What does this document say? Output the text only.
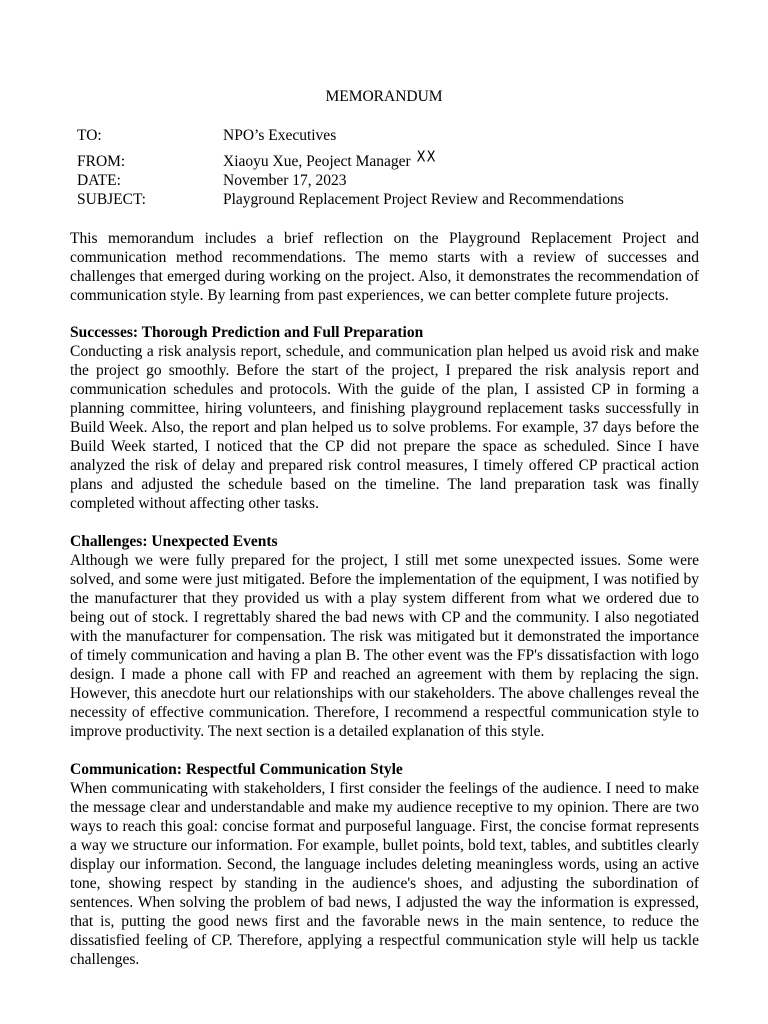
MEMORANDUM
TO:	NPO’s Executives
FROM:	Xiaoyu Xue, Peoject Manager XX
DATE:	November 17, 2023
SUBJECT:	Playground Replacement Project Review and Recommendations

This memorandum includes a brief reflection on the Playground Replacement Project and communication method recommendations. The memo starts with a review of successes and challenges that emerged during working on the project. Also, it demonstrates the recommendation of communication style. By learning from past experiences, we can better complete future projects.

Successes: Thorough Prediction and Full Preparation

Conducting a risk analysis report, schedule, and communication plan helped us avoid risk and make the project go smoothly. Before the start of the project, I prepared the risk analysis report and communication schedules and protocols. With the guide of the plan, I assisted CP in forming a planning committee, hiring volunteers, and finishing playground replacement tasks successfully in Build Week. Also, the report and plan helped us to solve problems. For example, 37 days before the Build Week started, I noticed that the CP did not prepare the space as scheduled. Since I have analyzed the risk of delay and prepared risk control measures, I timely offered CP practical action plans and adjusted the schedule based on the timeline. The land preparation task was finally completed without affecting other tasks.

Challenges: Unexpected Events

Although we were fully prepared for the project, I still met some unexpected issues. Some were solved, and some were just mitigated. Before the implementation of the equipment, I was notified by the manufacturer that they provided us with a play system different from what we ordered due to being out of stock. I regrettably shared the bad news with CP and the community. I also negotiated with the manufacturer for compensation. The risk was mitigated but it demonstrated the importance of timely communication and having a plan B. The other event was the FP's dissatisfaction with logo design. I made a phone call with FP and reached an agreement with them by replacing the sign. However, this anecdote hurt our relationships with our stakeholders. The above challenges reveal the necessity of effective communication. Therefore, I recommend a respectful communication style to improve productivity. The next section is a detailed explanation of this style.

Communication: Respectful Communication Style

When communicating with stakeholders, I first consider the feelings of the audience. I need to make the message clear and understandable and make my audience receptive to my opinion. There are two ways to reach this goal: concise format and purposeful language. First, the concise format represents a way we structure our information. For example, bullet points, bold text, tables, and subtitles clearly display our information. Second, the language includes deleting meaningless words, using an active tone, showing respect by standing in the audience's shoes, and adjusting the subordination of sentences. When solving the problem of bad news, I adjusted the way the information is expressed, that is, putting the good news first and the favorable news in the main sentence, to reduce the dissatisfied feeling of CP. Therefore, applying a respectful communication style will help us tackle challenges.
